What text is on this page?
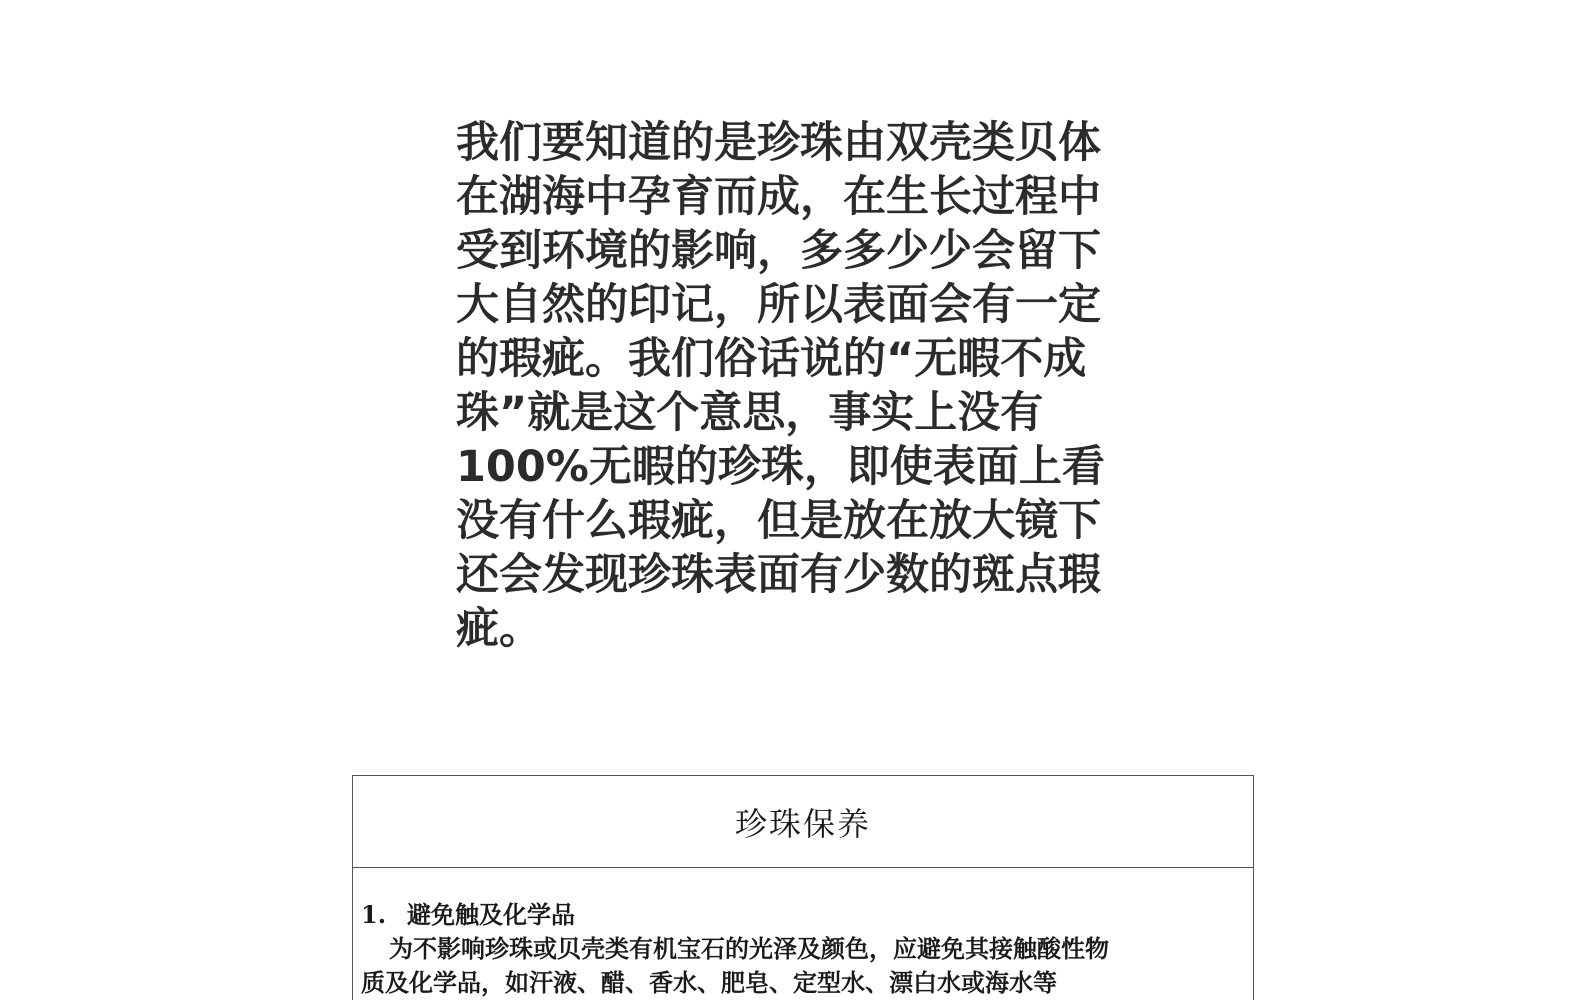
我们要知道的是珍珠由双壳类贝体
在湖海中孕育而成，在生长过程中
受到环境的影响，多多少少会留下
大自然的印记，所以表面会有一定
的瑕疵。我们俗话说的“无暇不成
珠”就是这个意思，事实上没有
100%无暇的珍珠，即使表面上看
没有什么瑕疵，但是放在放大镜下
还会发现珍珠表面有少数的斑点瑕
疵。
珍珠保养
1. 避免触及化学品
为不影响珍珠或贝壳类有机宝石的光泽及颜色，应避免其接触酸性物
质及化学品，如汗液、醋、香水、肥皂、定型水、漂白水或海水等
